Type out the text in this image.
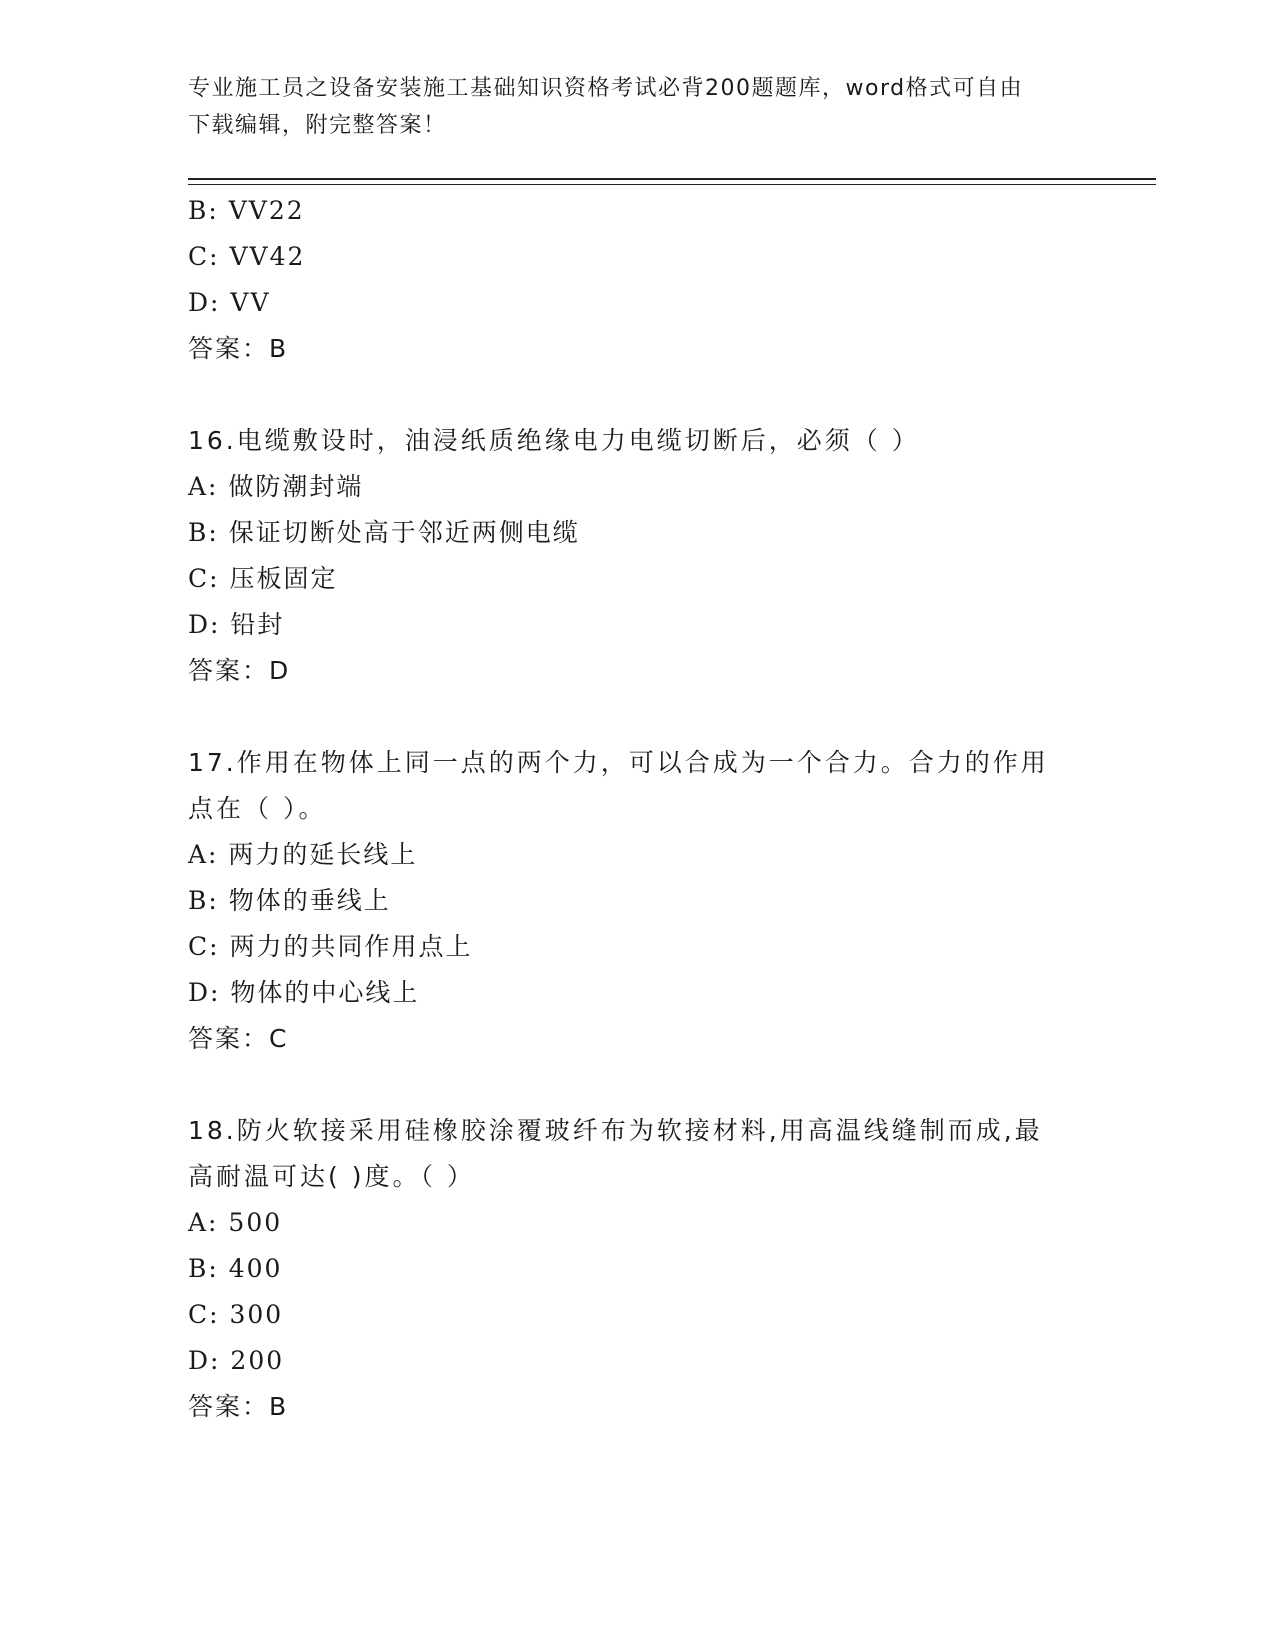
专业施工员之设备安装施工基础知识资格考试必背200题题库，word格式可自由
下载编辑，附完整答案！
B: VV22
C: VV42
D: VV
答案：B
16.电缆敷设时，油浸纸质绝缘电力电缆切断后，必须（ ）
A: 做防潮封端
B: 保证切断处高于邻近两侧电缆
C: 压板固定
D: 铅封
答案：D
17.作用在物体上同一点的两个力，可以合成为一个合力。合力的作用
点在（ ）。
A: 两力的延长线上
B: 物体的垂线上
C: 两力的共同作用点上
D: 物体的中心线上
答案：C
18.防火软接采用硅橡胶涂覆玻纤布为软接材料,用高温线缝制而成,最
高耐温可达( )度。（ ）
A: 500
B: 400
C: 300
D: 200
答案：B
